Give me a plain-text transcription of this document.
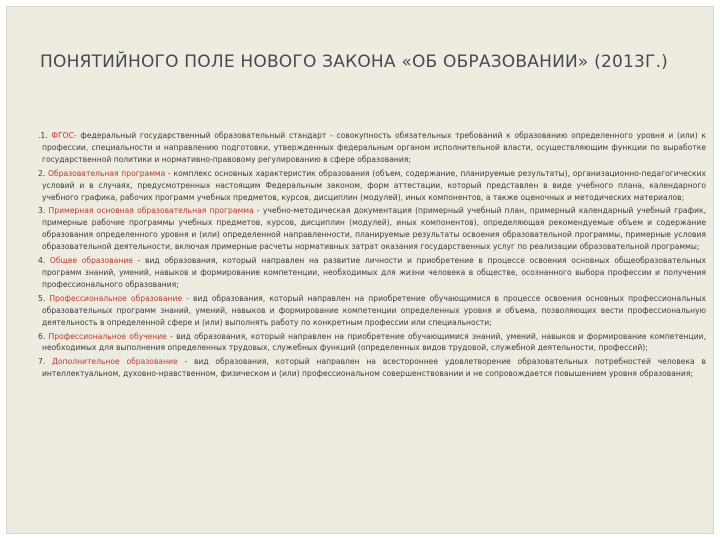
ПОНЯТИЙНОГО ПОЛЕ НОВОГО ЗАКОНА «ОБ ОБРАЗОВАНИИ» (2013Г.)

.1. ФГОС- федеральный государственный образовательный стандарт - совокупность обязательных требований к образованию определенного уровня и (или) к профессии, специальности и направлению подготовки, утвержденных федеральным органом исполнительной власти, осуществляющим функции по выработке государственной политики и нормативно-правовому регулированию в сфере образования;

2. Образовательная программа - комплекс основных характеристик образования (объем, содержание, планируемые результаты), организационно-педагогических условий и в случаях, предусмотренных настоящим Федеральным законом, форм аттестации, который представлен в виде учебного плана, календарного учебного графика, рабочих программ учебных предметов, курсов, дисциплин (модулей), иных компонентов, а также оценочных и методических материалов;

3. Примерная основная образовательная программа - учебно-методическая документация (примерный учебный план, примерный календарный учебный график, примерные рабочие программы учебных предметов, курсов, дисциплин (модулей), иных компонентов), определяющая рекомендуемые объем и содержание образования определенного уровня и (или) определенной направленности, планируемые результаты освоения образовательной программы, примерные условия образовательной деятельности, включая примерные расчеты нормативных затрат оказания государственных услуг по реализации образовательной программы;

4. Общее образование - вид образования, который направлен на развитие личности и приобретение в процессе освоения основных общеобразовательных программ знаний, умений, навыков и формирование компетенции, необходимых для жизни человека в обществе, осознанного выбора профессии и получения профессионального образования;

5. Профессиональное образование - вид образования, который направлен на приобретение обучающимися в процессе освоения основных профессиональных образовательных программ знаний, умений, навыков и формирование компетенции определенных уровня и объема, позволяющих вести профессиональную деятельность в определенной сфере и (или) выполнять работу по конкретным профессии или специальности;

6. Профессиональное обучение - вид образования, который направлен на приобретение обучающимися знаний, умений, навыков и формирование компетенции, необходимых для выполнения определенных трудовых, служебных функций (определенных видов трудовой, служебной деятельности, профессий);

7. Дополнительное образование - вид образования, который направлен на всестороннее удовлетворение образовательных потребностей человека в интеллектуальном, духовно-нравственном, физическом и (или) профессиональном совершенствовании и не сопровождается повышением уровня образования;
